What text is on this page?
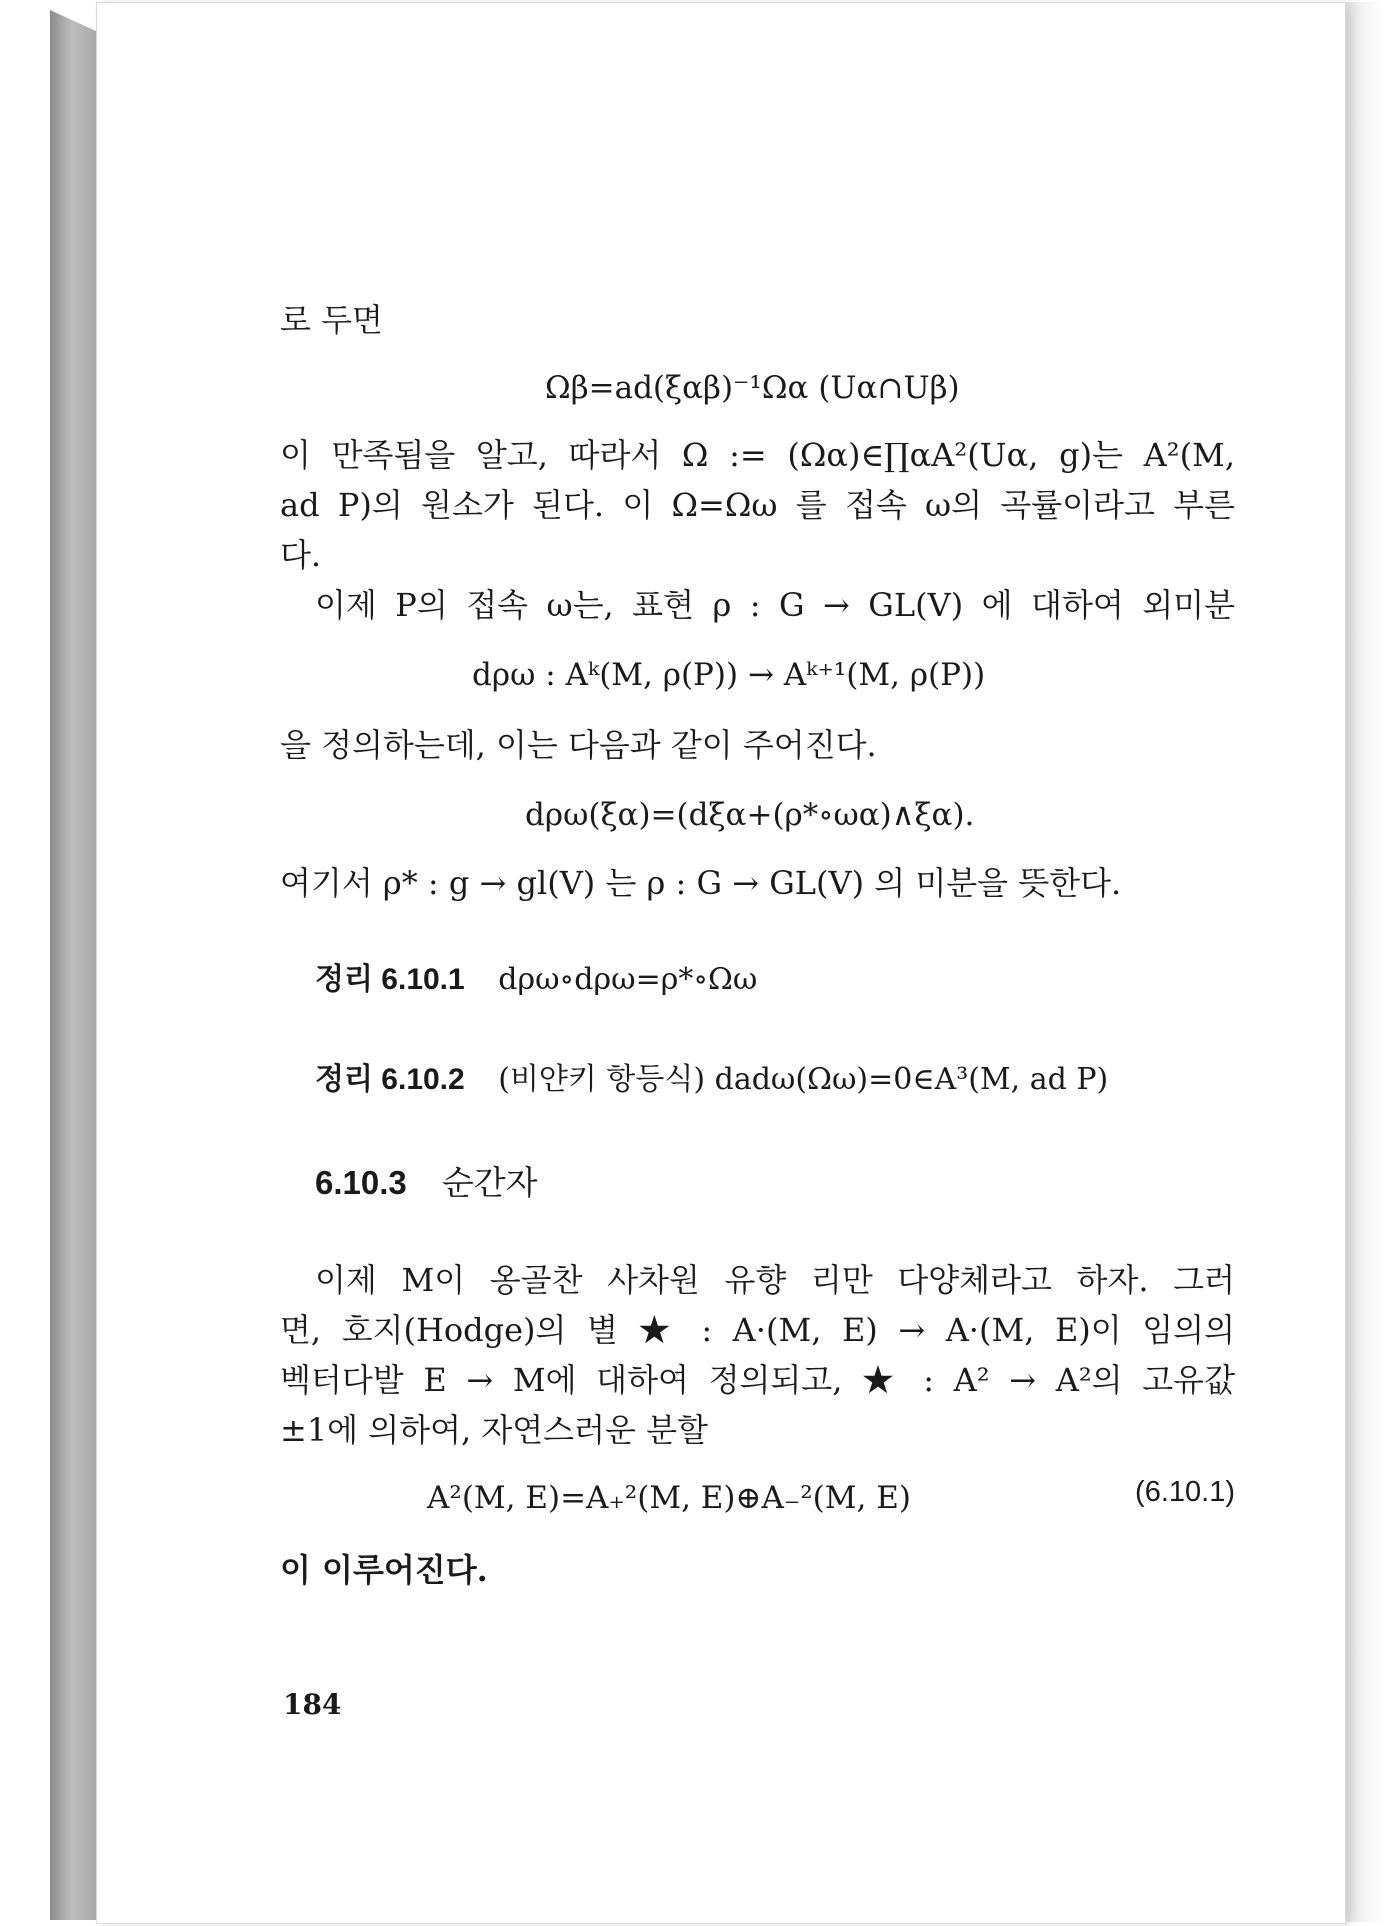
로 두면
Ωβ=ad(ξαβ)⁻¹Ωα (Uα∩Uβ)
이 만족됨을 알고, 따라서 Ω := (Ωα)∈∏αA²(Uα, g)는 A²(M,
ad P)의 원소가 된다. 이 Ω=Ωω 를 접속 ω의 곡률이라고 부른
다.
이제 P의 접속 ω는, 표현 ρ : G → GL(V) 에 대하여 외미분
dρω : Aᵏ(M, ρ(P)) → Aᵏ⁺¹(M, ρ(P))
을 정의하는데, 이는 다음과 같이 주어진다.
dρω(ξα)=(dξα+(ρ*∘ωα)∧ξα).
여기서 ρ* : g → gl(V) 는 ρ : G → GL(V) 의 미분을 뜻한다.
정리 6.10.1 dρω∘dρω=ρ*∘Ωω
정리 6.10.2 (비얀키 항등식) dadω(Ωω)=0∈A³(M, ad P)
6.10.3 순간자
이제 M이 옹골찬 사차원 유향 리만 다양체라고 하자. 그러
면, 호지(Hodge)의 별 ★ : A·(M, E) → A·(M, E)이 임의의
벡터다발 E → M에 대하여 정의되고, ★ : A² → A²의 고유값
±1에 의하여, 자연스러운 분할
A²(M, E)=A₊²(M, E)⊕A₋²(M, E)	(6.10.1)
이 이루어진다.
184
